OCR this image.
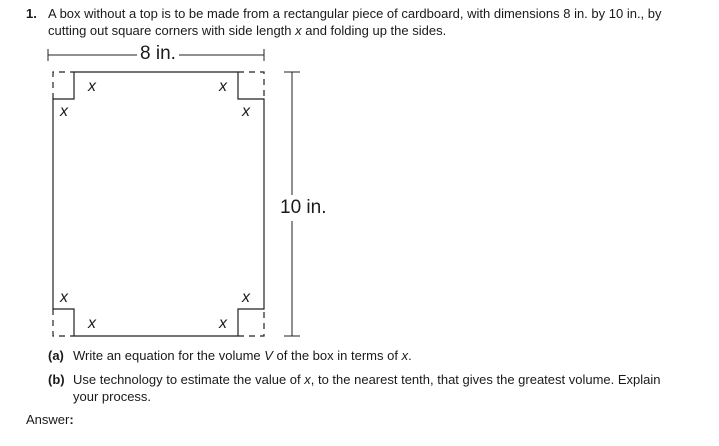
1. A box without a top is to be made from a rectangular piece of cardboard, with dimensions 8 in. by 10 in., by
cutting out square corners with side length x and folding up the sides.
8 in.
10 in.
x
x
x
x
x
x
x
x
(a) Write an equation for the volume V of the box in terms of x.
(b) Use technology to estimate the value of x, to the nearest tenth, that gives the greatest volume. Explain
your process.
Answer:
